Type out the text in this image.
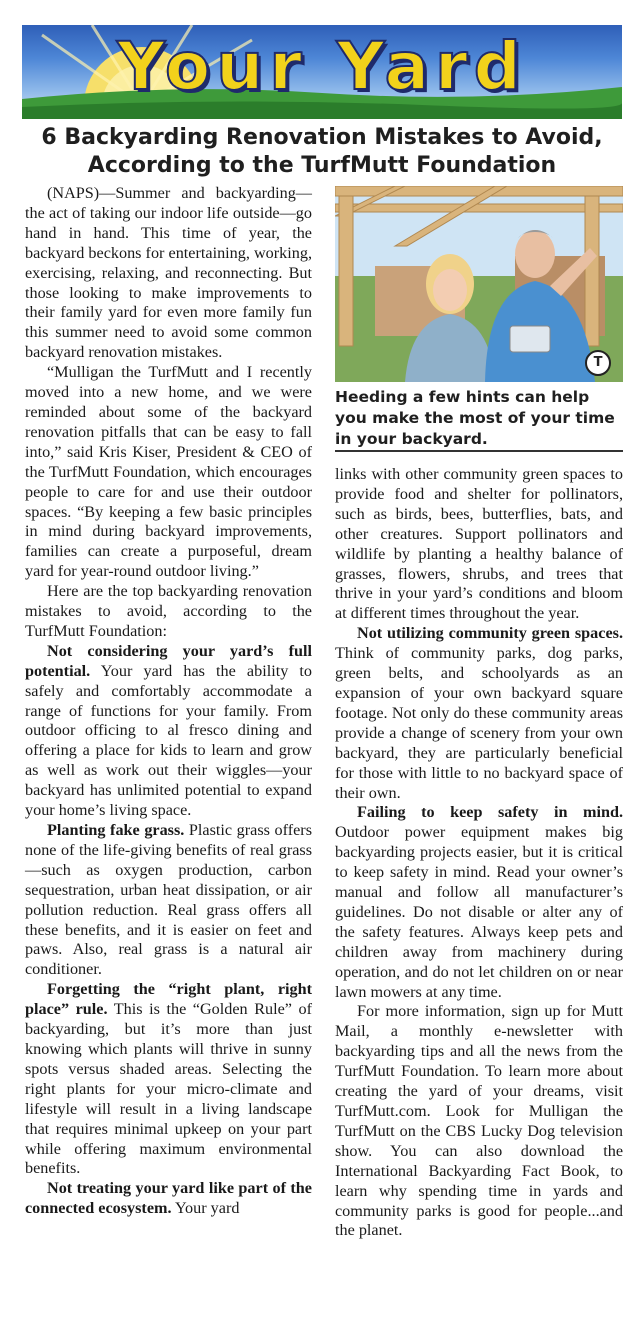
Your Yard
6 Backyarding Renovation Mistakes to Avoid, According to the TurfMutt Foundation

(NAPS)—Summer and backyarding—the act of taking our indoor life outside—go hand in hand. This time of year, the backyard beckons for entertaining, working, exercising, relaxing, and reconnecting. But those looking to make improvements to their family yard for even more family fun this summer need to avoid some common backyard renovation mistakes.

“Mulligan the TurfMutt and I recently moved into a new home, and we were reminded about some of the backyard renovation pitfalls that can be easy to fall into,” said Kris Kiser, President & CEO of the TurfMutt Foundation, which encourages people to care for and use their outdoor spaces. “By keeping a few basic principles in mind during backyard improvements, families can create a purposeful, dream yard for year-round outdoor living.”

Here are the top backyarding renovation mistakes to avoid, according to the TurfMutt Foundation:

Not considering your yard’s full potential. Your yard has the ability to safely and comfortably accommodate a range of functions for your family. From outdoor officing to al fresco dining and offering a place for kids to learn and grow as well as work out their wiggles—your backyard has unlimited potential to expand your home’s living space.

Planting fake grass. Plastic grass offers none of the life-giving benefits of real grass—such as oxygen production, carbon sequestration, urban heat dissipation, or air pollution reduction. Real grass offers all these benefits, and it is easier on feet and paws. Also, real grass is a natural air conditioner.

Forgetting the “right plant, right place” rule. This is the “Golden Rule” of backyarding, but it’s more than just knowing which plants will thrive in sunny spots versus shaded areas. Selecting the right plants for your micro-climate and lifestyle will result in a living landscape that requires minimal upkeep on your part while offering maximum environmental benefits.

Not treating your yard like part of the connected ecosystem. Your yard

T

Heeding a few hints can help you make the most of your time in your backyard.

links with other community green spaces to provide food and shelter for pollinators, such as birds, bees, butterflies, bats, and other creatures. Support pollinators and wildlife by planting a healthy balance of grasses, flowers, shrubs, and trees that thrive in your yard’s conditions and bloom at different times throughout the year.

Not utilizing community green spaces. Think of community parks, dog parks, green belts, and schoolyards as an expansion of your own backyard square footage. Not only do these community areas provide a change of scenery from your own backyard, they are particularly beneficial for those with little to no backyard space of their own.

Failing to keep safety in mind. Outdoor power equipment makes big backyarding projects easier, but it is critical to keep safety in mind. Read your owner’s manual and follow all manufacturer’s guidelines. Do not disable or alter any of the safety features. Always keep pets and children away from machinery during operation, and do not let children on or near lawn mowers at any time.

For more information, sign up for Mutt Mail, a monthly e-newsletter with backyarding tips and all the news from the TurfMutt Foundation. To learn more about creating the yard of your dreams, visit TurfMutt.com. Look for Mulligan the TurfMutt on the CBS Lucky Dog television show. You can also download the International Backyarding Fact Book, to learn why spending time in yards and community parks is good for people...and the planet.
